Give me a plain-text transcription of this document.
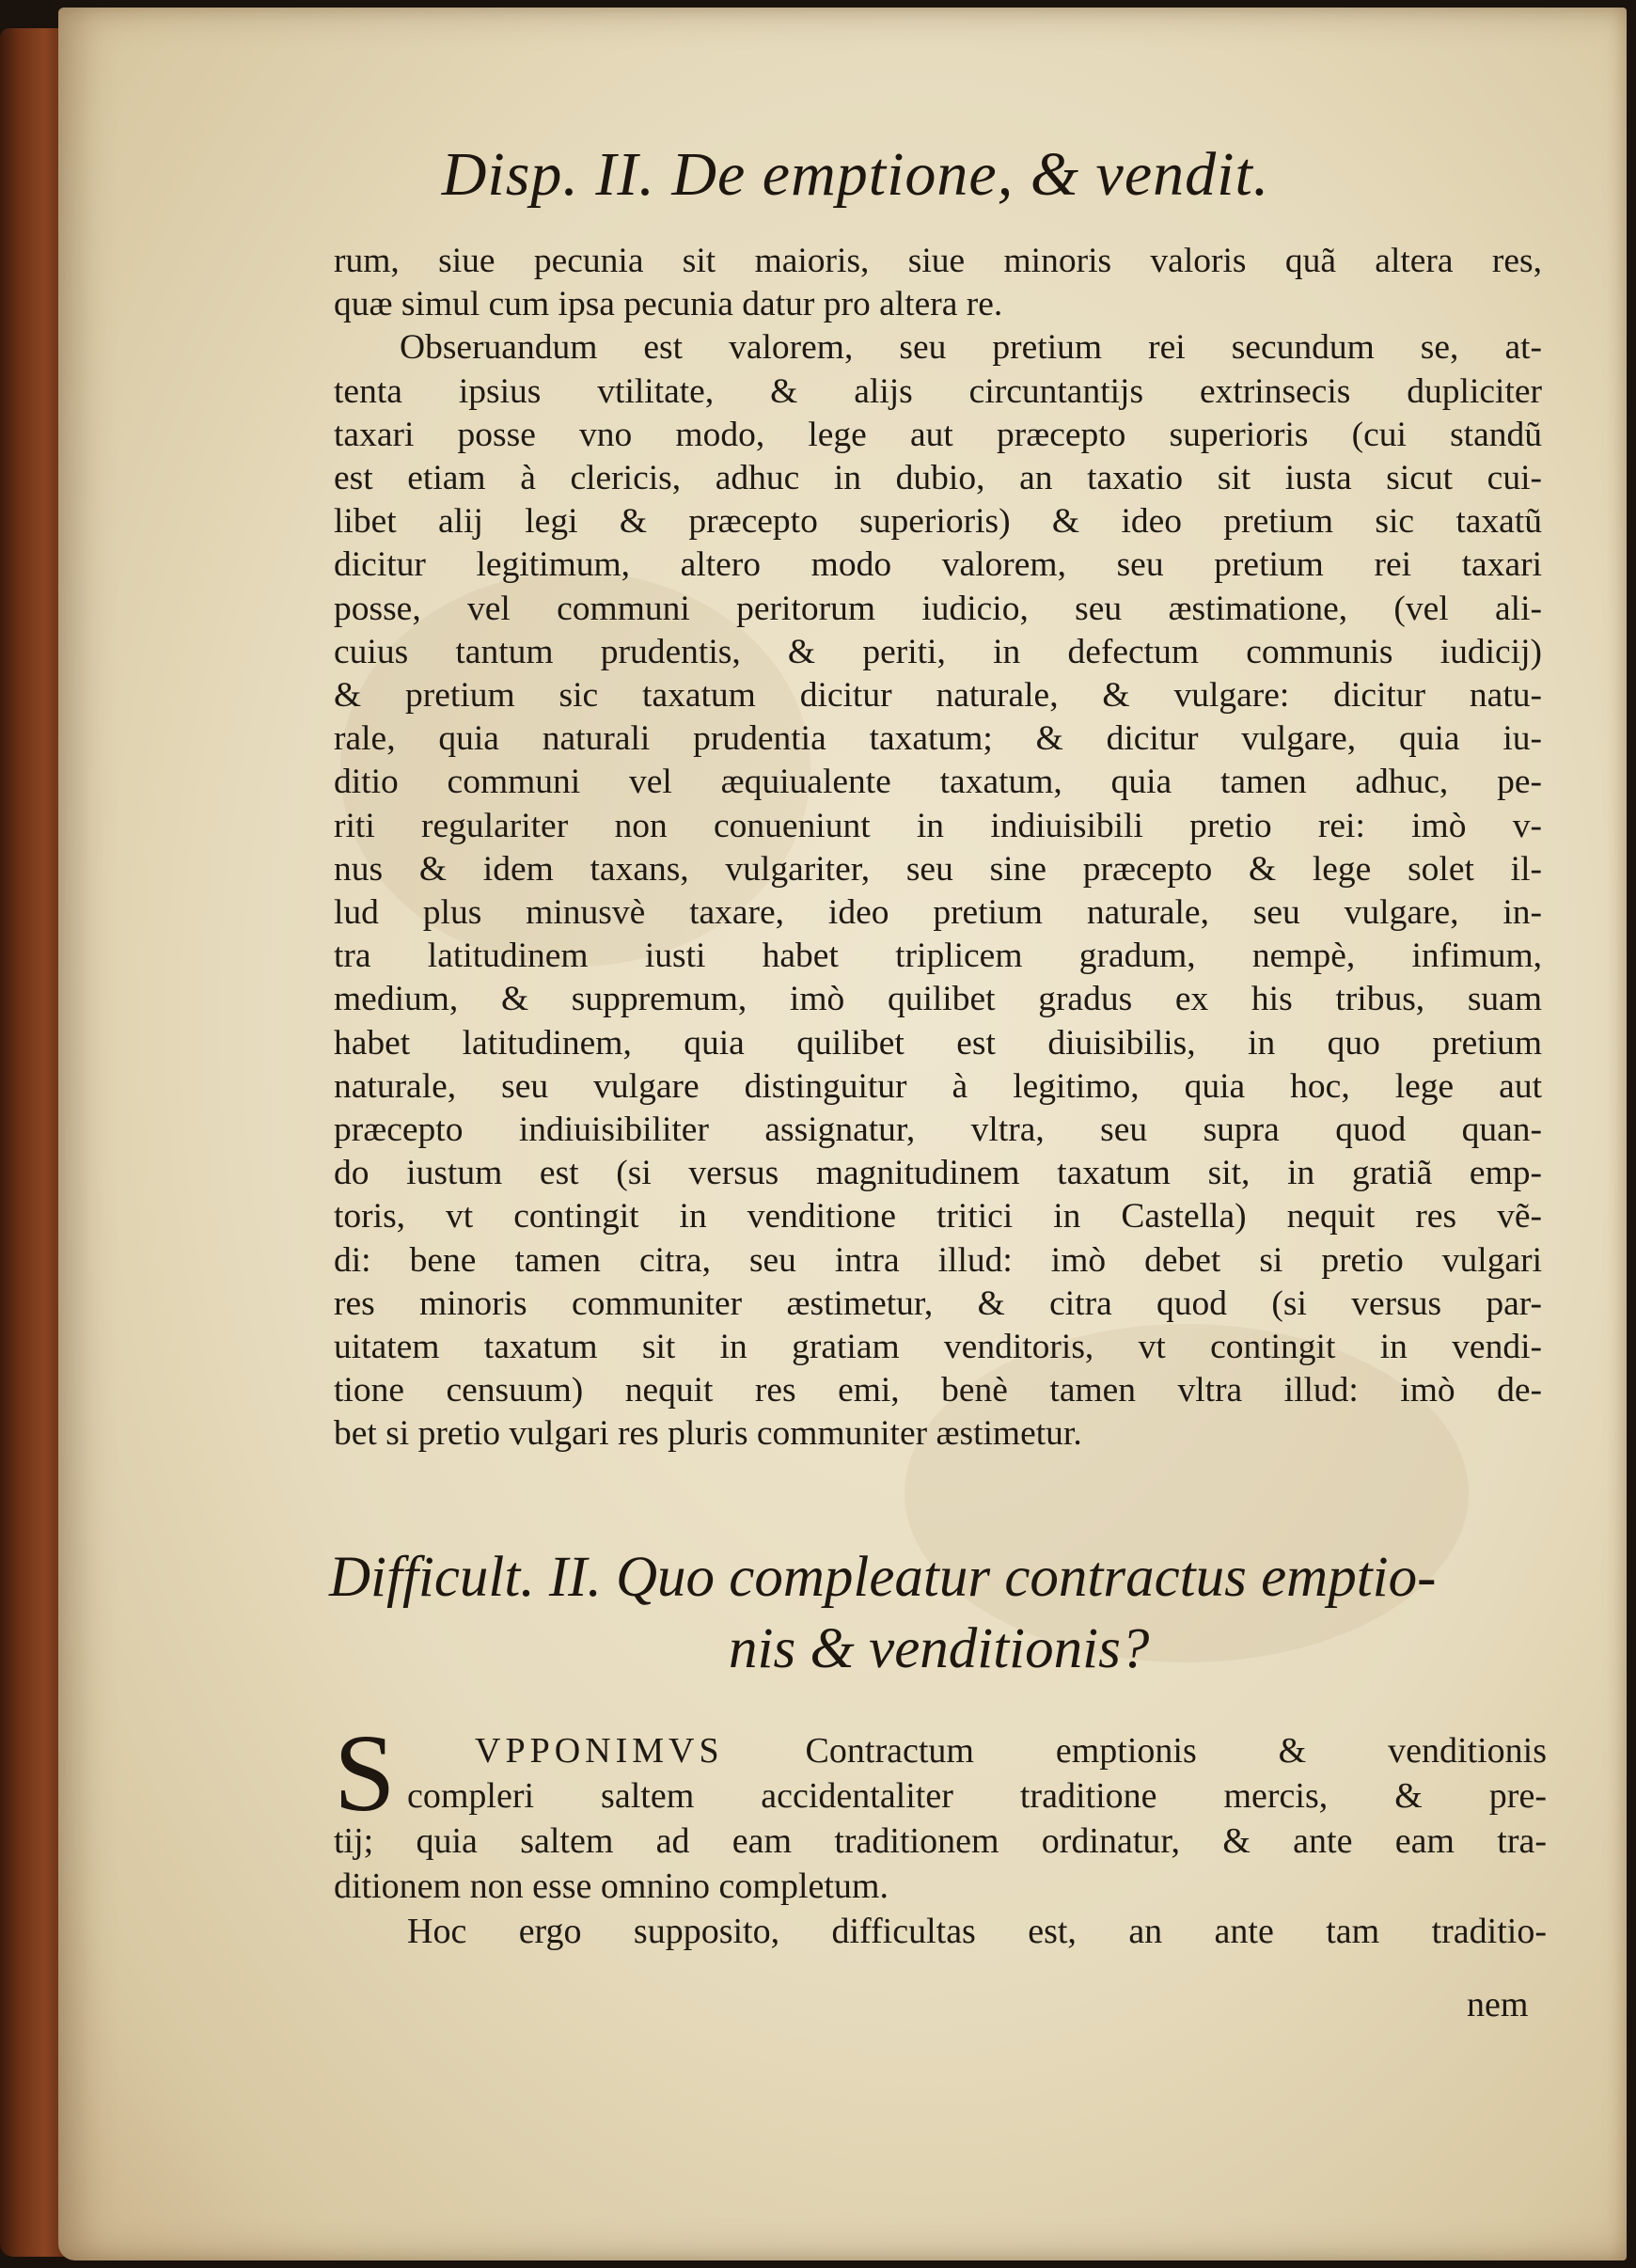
Disp. II. De emptione, & vendit.
rum, siue pecunia sit maioris, siue minoris valoris quã altera res,
quæ simul cum ipsa pecunia datur pro altera re.
Obseruandum est valorem, seu pretium rei secundum se, at-
tenta ipsius vtilitate, & alijs circuntantijs extrinsecis dupliciter
taxari posse vno modo, lege aut præcepto superioris (cui standũ
est etiam à clericis, adhuc in dubio, an taxatio sit iusta sicut cui-
libet alij legi & præcepto superioris) & ideo pretium sic taxatũ
dicitur legitimum, altero modo valorem, seu pretium rei taxari
posse, vel communi peritorum iudicio, seu æstimatione, (vel ali-
cuius tantum prudentis, & periti, in defectum communis iudicij)
& pretium sic taxatum dicitur naturale, & vulgare: dicitur natu-
rale, quia naturali prudentia taxatum; & dicitur vulgare, quia iu-
ditio communi vel æquiualente taxatum, quia tamen adhuc, pe-
riti regulariter non conueniunt in indiuisibili pretio rei: imò v-
nus & idem taxans, vulgariter, seu sine præcepto & lege solet il-
lud plus minusvè taxare, ideo pretium naturale, seu vulgare, in-
tra latitudinem iusti habet triplicem gradum, nempè, infimum,
medium, & suppremum, imò quilibet gradus ex his tribus, suam
habet latitudinem, quia quilibet est diuisibilis, in quo pretium
naturale, seu vulgare distinguitur à legitimo, quia hoc, lege aut
præcepto indiuisibiliter assignatur, vltra, seu supra quod quan-
do iustum est (si versus magnitudinem taxatum sit, in gratiã emp-
toris, vt contingit in venditione tritici in Castella) nequit res vẽ-
di: bene tamen citra, seu intra illud: imò debet si pretio vulgari
res minoris communiter æstimetur, & citra quod (si versus par-
uitatem taxatum sit in gratiam venditoris, vt contingit in vendi-
tione censuum) nequit res emi, benè tamen vltra illud: imò de-
bet si pretio vulgari res pluris communiter æstimetur.
Difficult. II. Quo compleatur contractus emptio-
nis & venditionis?
S	VPPONIMVS Contractum emptionis & venditionis
compleri saltem accidentaliter traditione mercis, & pre-
tij; quia saltem ad eam traditionem ordinatur, & ante eam tra-
ditionem non esse omnino completum.
Hoc ergo supposito, difficultas est, an ante tam traditio-
nem
